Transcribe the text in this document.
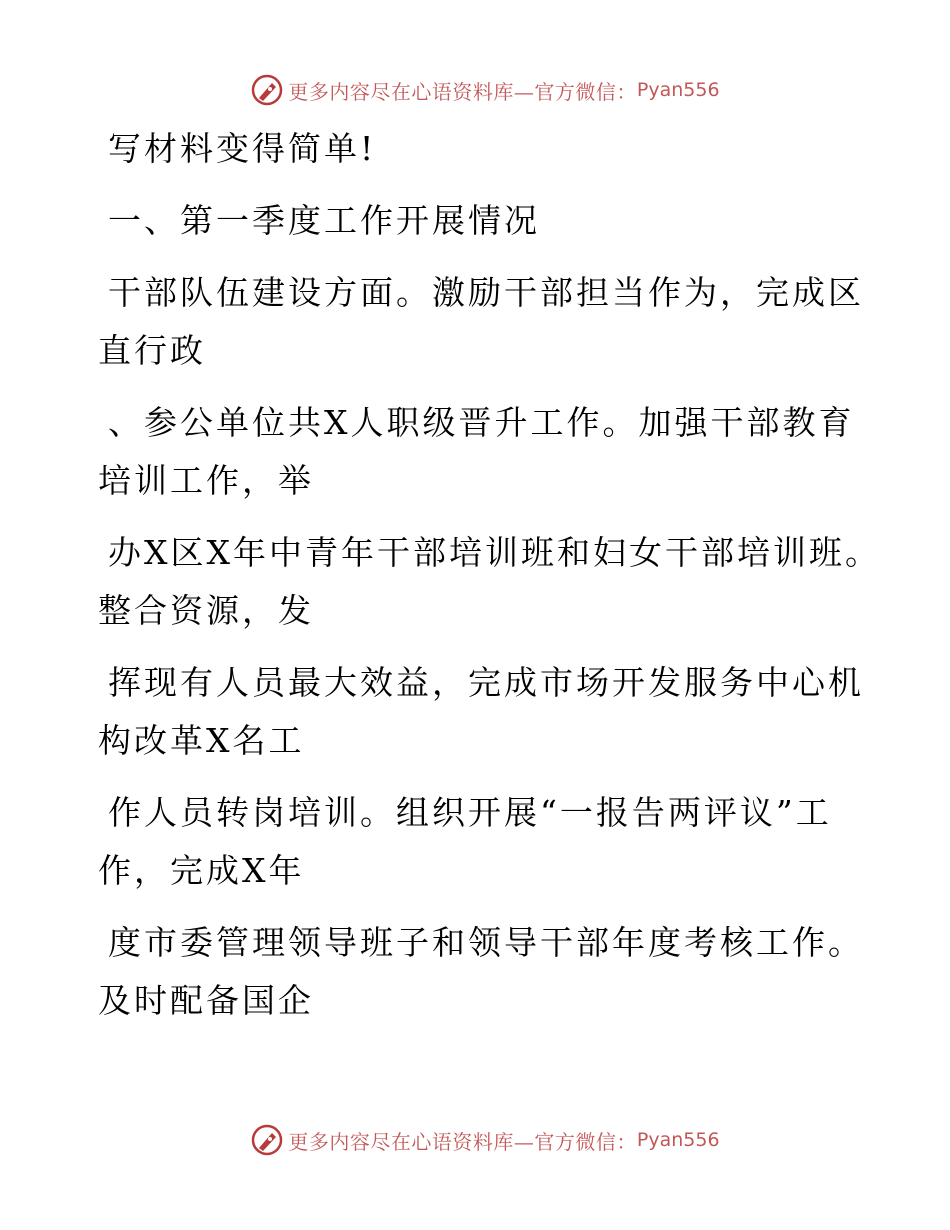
更多内容尽在心语资料库—官方微信： Pyan556
写材料变得简单!
一、第一季度工作开展情况
干部队伍建设方面。激励干部担当作为，完成区
直行政
、参公单位共X人职级晋升工作。加强干部教育
培训工作，举
办X区X年中青年干部培训班和妇女干部培训班。
整合资源，发
挥现有人员最大效益，完成市场开发服务中心机
构改革X名工
作人员转岗培训。组织开展“一报告两评议”工
作，完成X年
度市委管理领导班子和领导干部年度考核工作。
及时配备国企
更多内容尽在心语资料库—官方微信： Pyan556
